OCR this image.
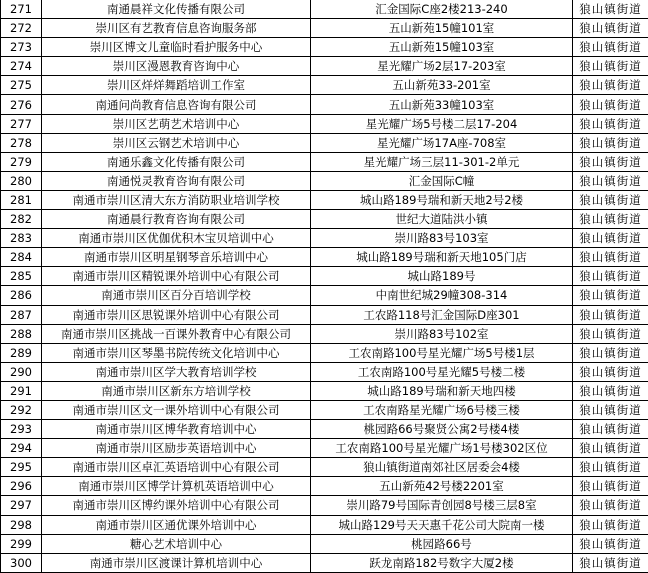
271	南通晨祥文化传播有限公司	汇金国际C座2楼213-240	狼山镇街道
272	崇川区有艺教育信息咨询服务部	五山新苑15幢101室	狼山镇街道
273	崇川区博文儿童临时看护服务中心	五山新苑15幢103室	狼山镇街道
274	崇川区漫恩教育咨询中心	星光耀广场2层17-203室	狼山镇街道
275	崇川区烊烊舞蹈培训工作室	五山新苑33-201室	狼山镇街道
276	南通问尚教育信息咨询有限公司	五山新苑33幢103室	狼山镇街道
277	崇川区艺萌艺术培训中心	星光耀广场5号楼二层17-204	狼山镇街道
278	崇川区云钢艺术培训中心	星光耀广场17A座-708室	狼山镇街道
279	南通乐鑫文化传播有限公司	星光耀广场三层11-301-2单元	狼山镇街道
280	南通悦灵教育咨询有限公司	汇金国际C幢	狼山镇街道
281	南通市崇川区清大东方消防职业培训学校	城山路189号瑞和新天地2号2楼	狼山镇街道
282	南通晨行教育咨询有限公司	世纪大道陆洪小镇	狼山镇街道
283	南通市崇川区优伽优积木宝贝培训中心	崇川路83号103室	狼山镇街道
284	南通市崇川区明星钢琴音乐培训中心	城山路189号瑞和新天地105门店	狼山镇街道
285	南通市崇川区精锐课外培训中心有限公司	城山路189号	狼山镇街道
286	南通市崇川区百分百培训学校	中南世纪城29幢308-314	狼山镇街道
287	南通市崇川区思锐课外培训中心有限公司	工农路118号汇金国际D座301	狼山镇街道
288	南通市崇川区挑战一百课外教育中心有限公司	崇川路83号102室	狼山镇街道
289	南通市崇川区琴墨书院传统文化培训中心	工农南路100号星光耀广场5号楼1层	狼山镇街道
290	南通市崇川区学大教育培训学校	工农南路100号星光耀5号楼二楼	狼山镇街道
291	南通市崇川区新东方培训学校	城山路189号瑞和新天地四楼	狼山镇街道
292	南通市崇川区文一课外培训中心有限公司	工农南路星光耀广场6号楼三楼	狼山镇街道
293	南通市崇川区博华教育培训中心	桃园路66号聚贤公寓2号楼4楼	狼山镇街道
294	南通市崇川区励步英语培训中心	工农南路100号星光耀广场1号楼302区位	狼山镇街道
295	南通市崇川区卓汇英语培训中心有限公司	狼山镇街道南郊社区居委会4楼	狼山镇街道
296	南通市崇川区博学计算机英语培训中心	五山新苑42号楼2201室	狼山镇街道
297	南通市崇川区博约课外培训中心有限公司	崇川路79号国际青创园8号楼三层8室	狼山镇街道
298	南通市崇川区通优课外培训中心	城山路129号天天惠千花公司大院南一楼	狼山镇街道
299	糖心艺术培训中心	桃园路66号	狼山镇街道
300	南通市崇川区渡课计算机培训中心	跃龙南路182号数字大厦2楼	狼山镇街道
